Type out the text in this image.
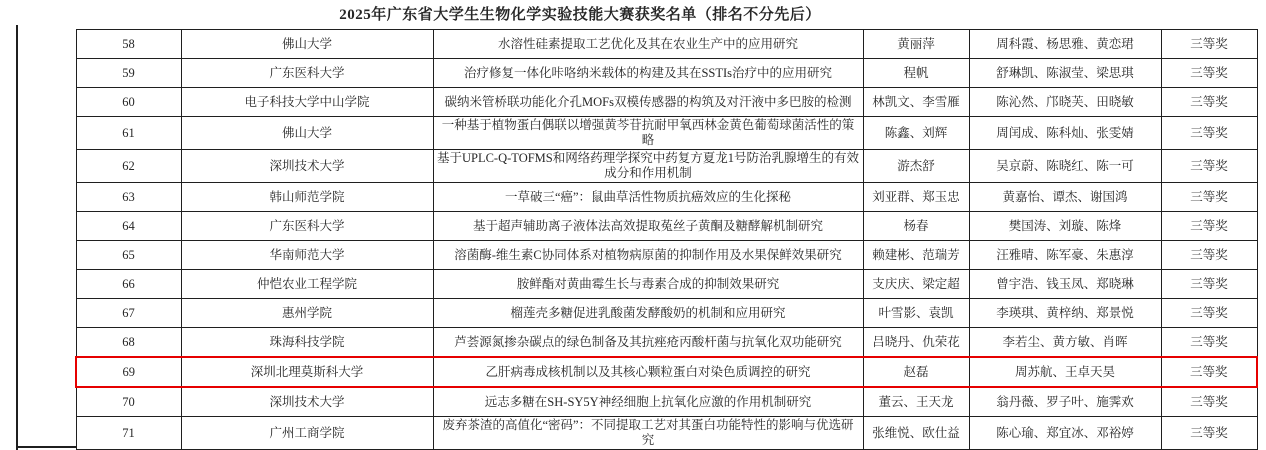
2025年广东省大学生生物化学实验技能大赛获奖名单（排名不分先后）
58	佛山大学	水溶性硅素提取工艺优化及其在农业生产中的应用研究	黄丽萍	周科霞、杨思雅、黄恋珺	三等奖
59	广东医科大学	治疗修复一体化咔咯纳米载体的构建及其在SSTIs治疗中的应用研究	程帆	舒琳凯、陈淑莹、梁思琪	三等奖
60	电子科技大学中山学院	碳纳米管桥联功能化介孔MOFs双模传感器的构筑及对汗液中多巴胺的检测	林凯文、李雪雁	陈沁然、邝晓芙、田晓敏	三等奖
61	佛山大学	一种基于植物蛋白偶联以增强黄芩苷抗耐甲氧西林金黄色葡萄球菌活性的策略	陈鑫、刘辉	周闰成、陈科灿、张雯婧	三等奖
62	深圳技术大学	基于UPLC-Q-TOFMS和网络药理学探究中药复方夏龙1号防治乳腺增生的有效成分和作用机制	游杰舒	吴京蔚、陈晓红、陈一可	三等奖
63	韩山师范学院	一草破三“癌”：鼠曲草活性物质抗癌效应的生化探秘	刘亚群、郑玉忠	黄嘉怡、谭杰、谢国鸿	三等奖
64	广东医科大学	基于超声辅助离子液体法高效提取菟丝子黄酮及糖酵解机制研究	杨春	樊国涛、刘璇、陈烽	三等奖
65	华南师范大学	溶菌酶-维生素C协同体系对植物病原菌的抑制作用及水果保鲜效果研究	赖建彬、范瑞芳	汪雅晴、陈军豪、朱惠淳	三等奖
66	仲恺农业工程学院	胺鲜酯对黄曲霉生长与毒素合成的抑制效果研究	支庆庆、梁定超	曾宇浩、钱玉凤、郑晓琳	三等奖
67	惠州学院	榴莲壳多糖促进乳酸菌发酵酸奶的机制和应用研究	叶雪影、袁凯	李瑛琪、黄梓纳、郑景悦	三等奖
68	珠海科技学院	芦荟源氮掺杂碳点的绿色制备及其抗痤疮丙酸杆菌与抗氧化双功能研究	吕晓丹、仇荣花	李若尘、黄方敏、肖晖	三等奖
69	深圳北理莫斯科大学	乙肝病毒成核机制以及其核心颗粒蛋白对染色质调控的研究	赵磊	周苏航、王卓天昊	三等奖
70	深圳技术大学	远志多糖在SH-SY5Y神经细胞上抗氧化应激的作用机制研究	董云、王天龙	翁丹薇、罗子叶、施霁欢	三等奖
71	广州工商学院	废弃茶渣的高值化“密码”：不同提取工艺对其蛋白功能特性的影响与优选研究	张维悦、欧仕益	陈心瑜、郑宜冰、邓裕婷	三等奖
